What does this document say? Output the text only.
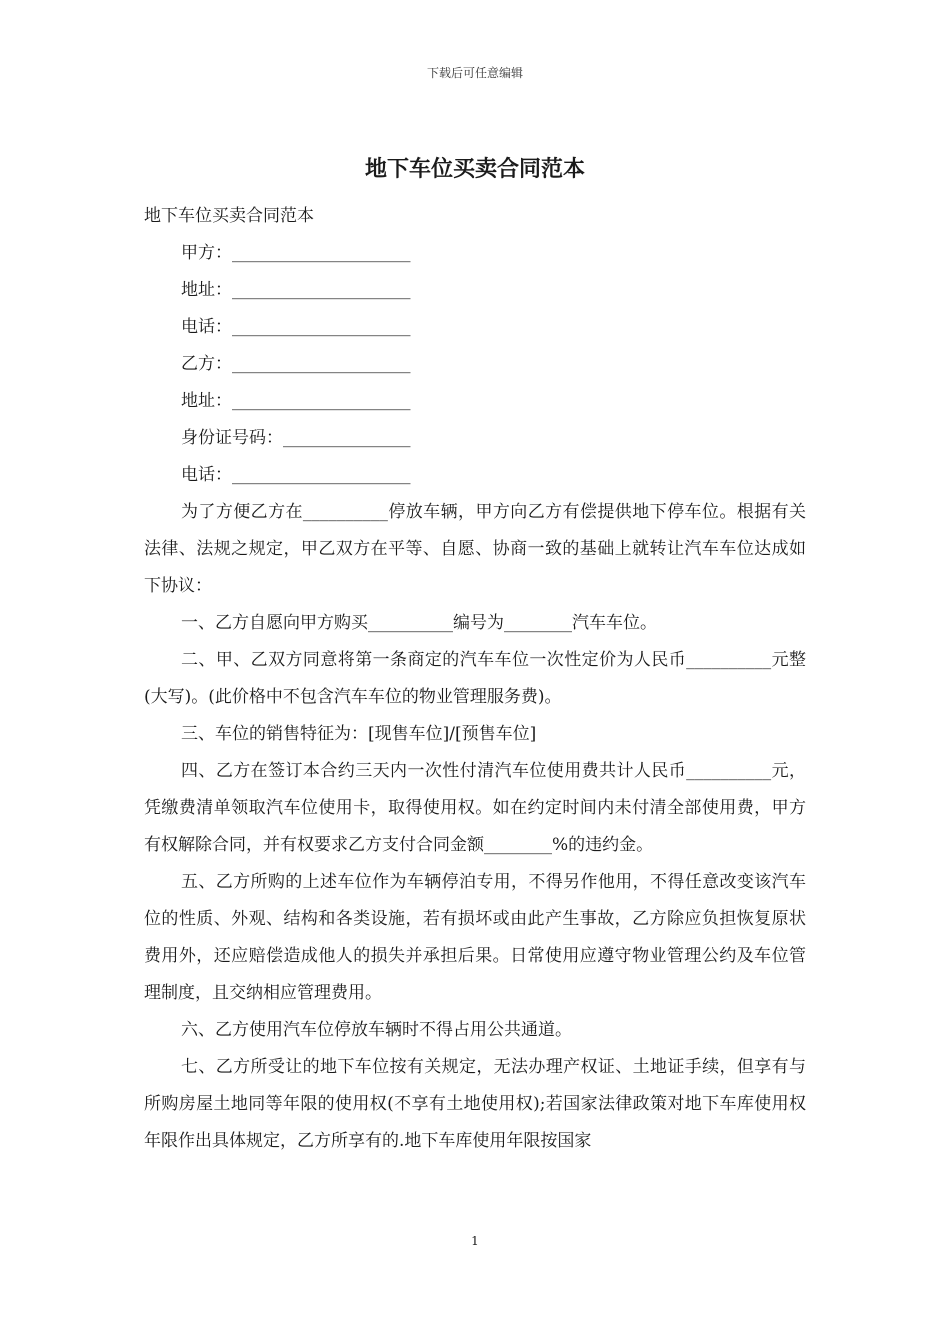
下载后可任意编辑
地下车位买卖合同范本
地下车位买卖合同范本
甲方：_____________________
地址：_____________________
电话：_____________________
乙方：_____________________
地址：_____________________
身份证号码：_______________
电话：_____________________
为了方便乙方在__________停放车辆，甲方向乙方有偿提供地下停车位。根据有关法律、法规之规定，甲乙双方在平等、自愿、协商一致的基础上就转让汽车车位达成如下协议：
一、乙方自愿向甲方购买__________编号为________汽车车位。
二、甲、乙双方同意将第一条商定的汽车车位一次性定价为人民币__________元整(大写)。(此价格中不包含汽车车位的物业管理服务费)。
三、车位的销售特征为：[现售车位]/[预售车位]
四、乙方在签订本合约三天内一次性付清汽车位使用费共计人民币__________元，凭缴费清单领取汽车位使用卡，取得使用权。如在约定时间内未付清全部使用费，甲方有权解除合同，并有权要求乙方支付合同金额________%的违约金。
五、乙方所购的上述车位作为车辆停泊专用，不得另作他用，不得任意改变该汽车位的性质、外观、结构和各类设施，若有损坏或由此产生事故，乙方除应负担恢复原状费用外，还应赔偿造成他人的损失并承担后果。日常使用应遵守物业管理公约及车位管理制度，且交纳相应管理费用。
六、乙方使用汽车位停放车辆时不得占用公共通道。
七、乙方所受让的地下车位按有关规定，无法办理产权证、土地证手续，但享有与所购房屋土地同等年限的使用权(不享有土地使用权);若国家法律政策对地下车库使用权年限作出具体规定，乙方所享有的.地下车库使用年限按国家
1
